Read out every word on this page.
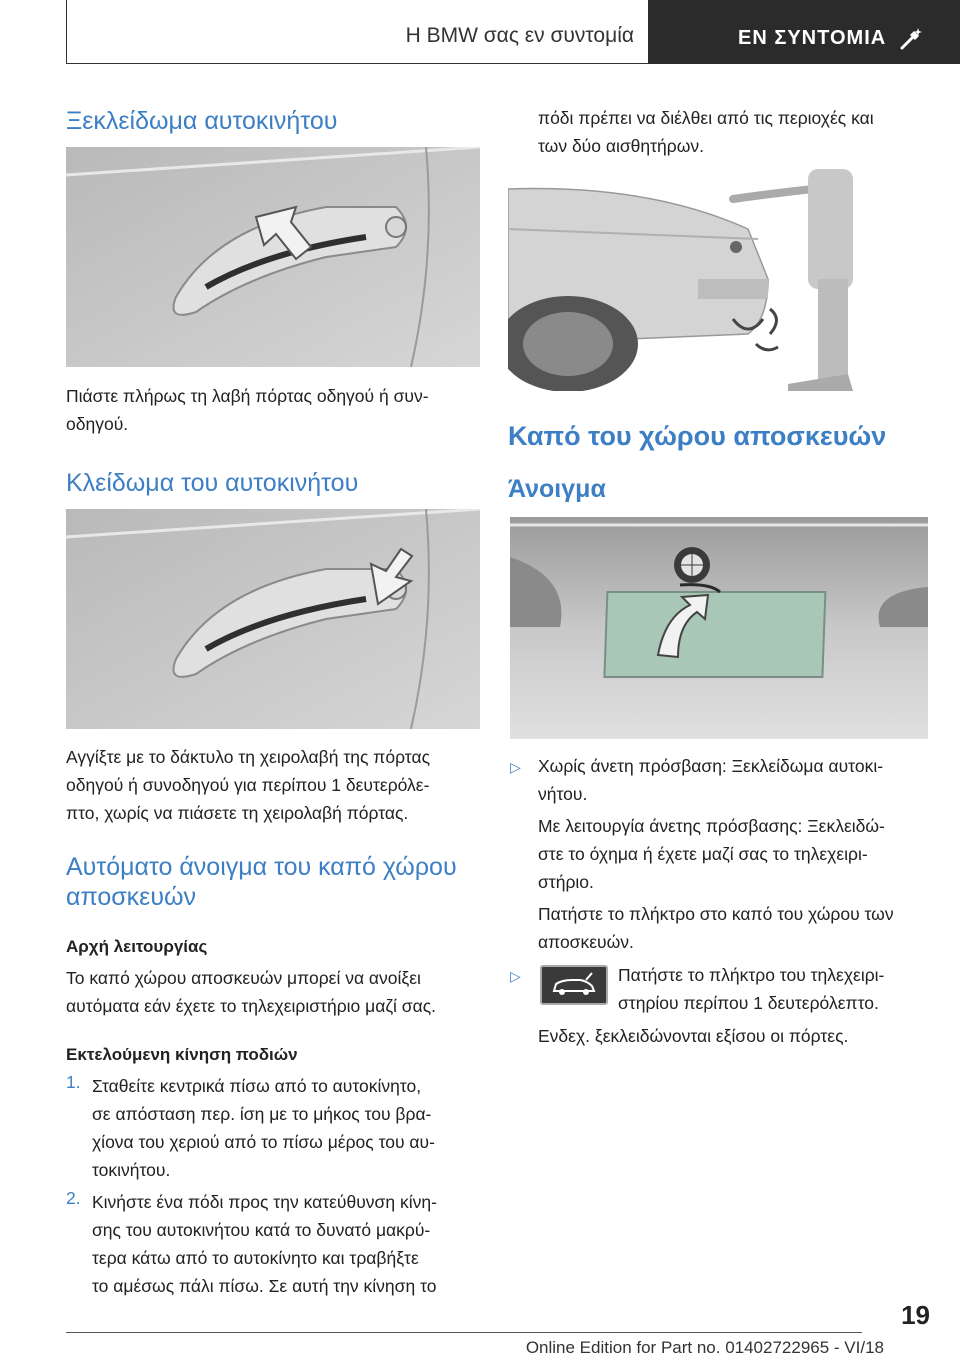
Η BMW σας εν συντομία	ΕΝ ΣΥΝΤΟΜΙΑ
Ξεκλείδωμα αυτοκινήτου

Πιάστε πλήρως τη λαβή πόρτας οδηγού ή συν-

οδηγού.

Κλείδωμα του αυτοκινήτου

Αγγίξτε με το δάκτυλο τη χειρολαβή της πόρτας

οδηγού ή συνοδηγού για περίπου 1 δευτερόλε-

πτο, χωρίς να πιάσετε τη χειρολαβή πόρτας.

Αυτόματο άνοιγμα του καπό χώρου
αποσκευών

Αρχή λειτουργίας

Το καπό χώρου αποσκευών μπορεί να ανοίξει

αυτόματα εάν έχετε το τηλεχειριστήριο μαζί σας.

Εκτελούμενη κίνηση ποδιών

1. Σταθείτε κεντρικά πίσω από το αυτοκίνητο,

σε απόσταση περ. ίση με το μήκος του βρα-

χίονα του χεριού από το πίσω μέρος του αυ-

τοκινήτου.

2. Κινήστε ένα πόδι προς την κατεύθυνση κίνη-

σης του αυτοκινήτου κατά το δυνατό μακρύ-

τερα κάτω από το αυτοκίνητο και τραβήξτε

το αμέσως πάλι πίσω. Σε αυτή την κίνηση το

πόδι πρέπει να διέλθει από τις περιοχές και

των δύο αισθητήρων.

Καπό του χώρου αποσκευών
Άνοιγμα
▷ Χωρίς άνετη πρόσβαση: Ξεκλείδωμα αυτοκι-

νήτου.

Με λειτουργία άνετης πρόσβασης: Ξεκλειδώ-

στε το όχημα ή έχετε μαζί σας το τηλεχειρι-

στήριο.

Πατήστε το πλήκτρο στο καπό του χώρου των

αποσκευών.

▷	Πατήστε το πλήκτρο του τηλεχειρι-

στηρίου περίπου 1 δευτερόλεπτο.

Ενδεχ. ξεκλειδώνονται εξίσου οι πόρτες.

19
Online Edition for Part no. 01402722965 - VI/18
